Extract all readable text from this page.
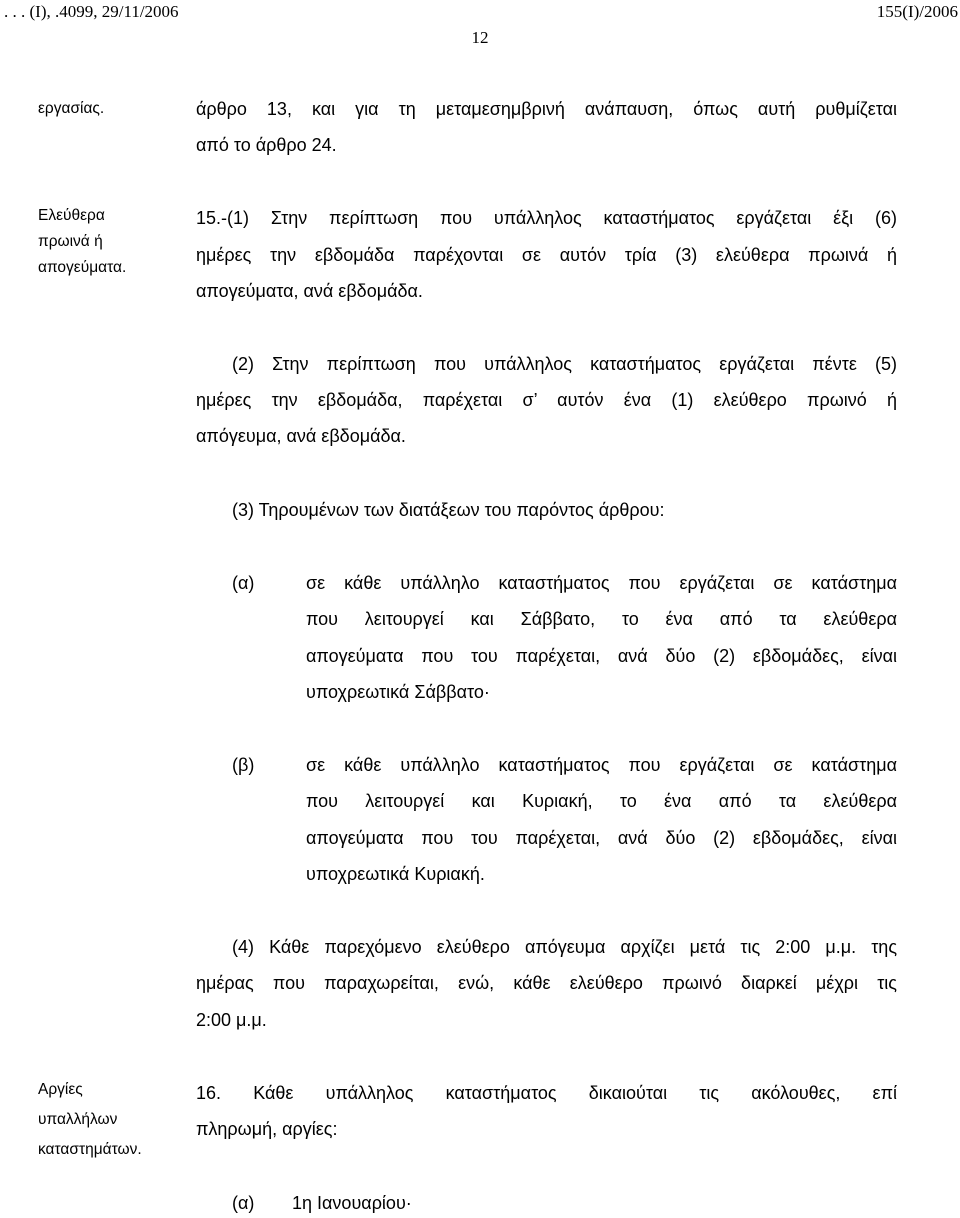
. . . (Ι), .4099, 29/11/2006	155(Ι)/2006
12
εργασίας.
Ελεύθερα
πρωινά ή
απογεύματα.
Αργίες
υπαλλήλων
καταστημάτων.
άρθρο 13, και για τη μεταμεσημβρινή ανάπαυση, όπως αυτή ρυθμίζεται
από το άρθρο 24.
15.-(1) Στην περίπτωση που υπάλληλος καταστήματος εργάζεται έξι (6)
ημέρες την εβδομάδα παρέχονται σε αυτόν τρία (3) ελεύθερα πρωινά ή
απογεύματα, ανά εβδομάδα.
(2) Στην περίπτωση που υπάλληλος καταστήματος εργάζεται πέντε (5)
ημέρες την εβδομάδα, παρέχεται σ’ αυτόν ένα (1) ελεύθερο πρωινό ή
απόγευμα, ανά εβδομάδα.
(3) Τηρουμένων των διατάξεων του παρόντος άρθρου:
(α)	σε κάθε υπάλληλο καταστήματος που εργάζεται σε κατάστημα
που λειτουργεί και Σάββατο, το ένα από τα ελεύθερα
απογεύματα που του παρέχεται, ανά δύο (2) εβδομάδες, είναι
υποχρεωτικά Σάββατο·
(β)	σε κάθε υπάλληλο καταστήματος που εργάζεται σε κατάστημα
που λειτουργεί και Κυριακή, το ένα από τα ελεύθερα
απογεύματα που του παρέχεται, ανά δύο (2) εβδομάδες, είναι
υποχρεωτικά Κυριακή.
(4) Κάθε παρεχόμενο ελεύθερο απόγευμα αρχίζει μετά τις 2:00 μ.μ. της
ημέρας που παραχωρείται, ενώ, κάθε ελεύθερο πρωινό διαρκεί μέχρι τις
2:00 μ.μ.
16. Κάθε υπάλληλος καταστήματος δικαιούται τις ακόλουθες, επί
πληρωμή, αργίες:
(α) 1η Ιανουαρίου·
